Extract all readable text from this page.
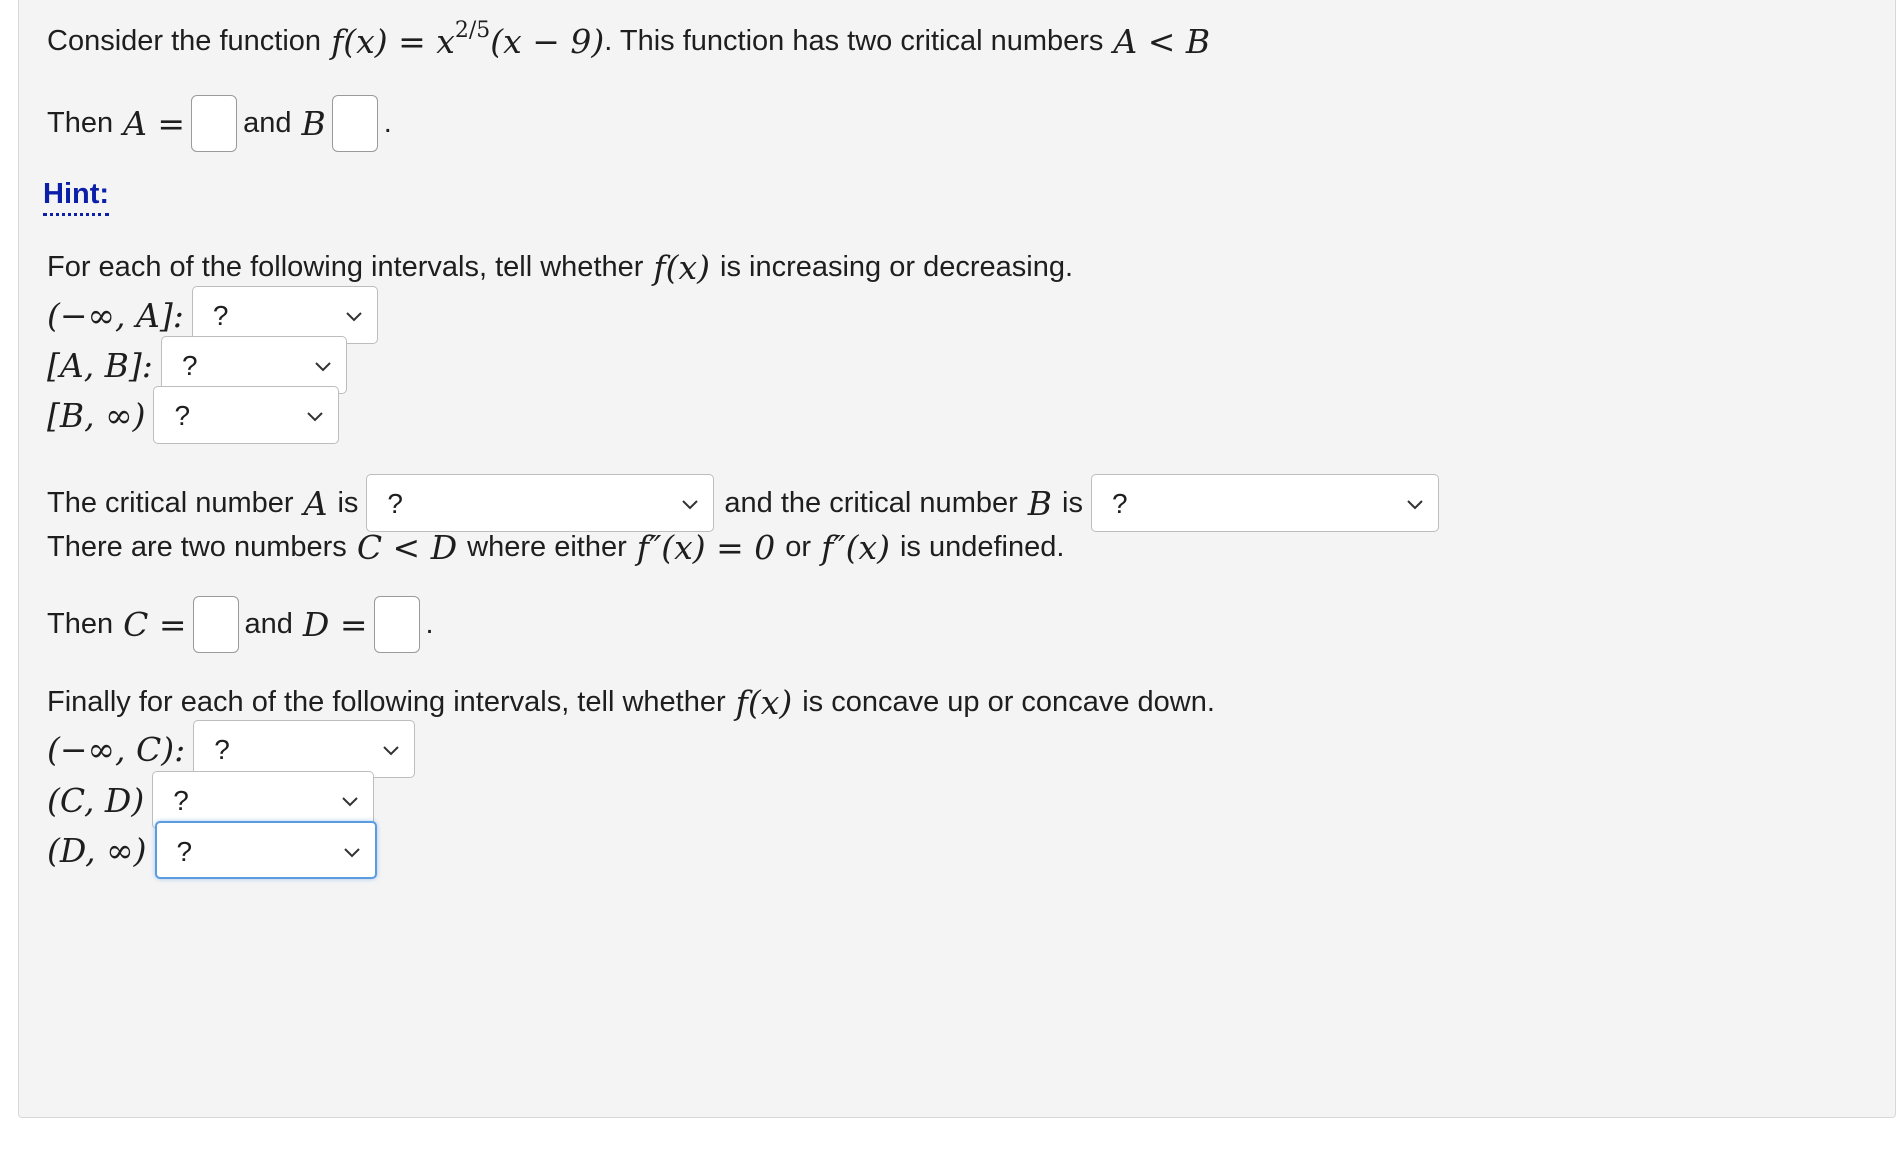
Consider the function $f(x) = x^{2/5}(x - 9)$ . This function has two critical numbers A < B
Then A = and B .
Hint:
For each of the following intervals, tell whether f(x) is increasing or decreasing.
(−∞, A]: ?
[A, B]: ?
[B, ∞) ?
The critical number A is ?	and the critical number B is ?
There are two numbers C < D where either f″(x) = 0 or f″(x) is undefined.
Then C = and D = .
Finally for each of the following intervals, tell whether f(x) is concave up or concave down.
(−∞, C): ?
(C, D) ?
(D, ∞) ?
